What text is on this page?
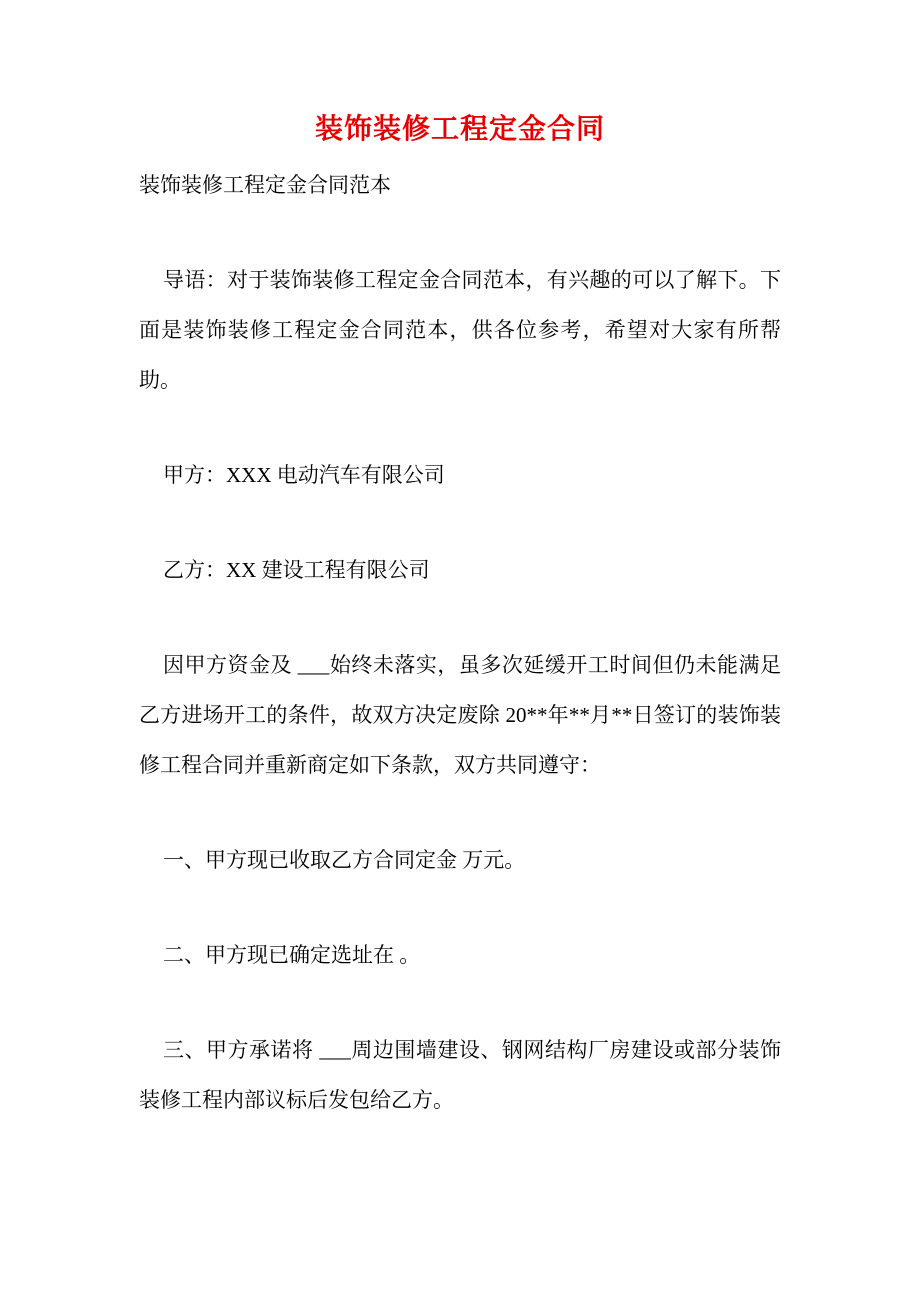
装饰装修工程定金合同

装饰装修工程定金合同范本

导语：对于装饰装修工程定金合同范本，有兴趣的可以了解下。下面是装饰装修工程定金合同范本，供各位参考，希望对大家有所帮助。

甲方：XXX 电动汽车有限公司

乙方：XX 建设工程有限公司

因甲方资金及 ___始终未落实，虽多次延缓开工时间但仍未能满足乙方进场开工的条件，故双方决定废除 20**年**月**日签订的装饰装修工程合同并重新商定如下条款，双方共同遵守：

一、甲方现已收取乙方合同定金 万元。

二、甲方现已确定选址在 。

三、甲方承诺将 ___周边围墙建设、钢网结构厂房建设或部分装饰装修工程内部议标后发包给乙方。
